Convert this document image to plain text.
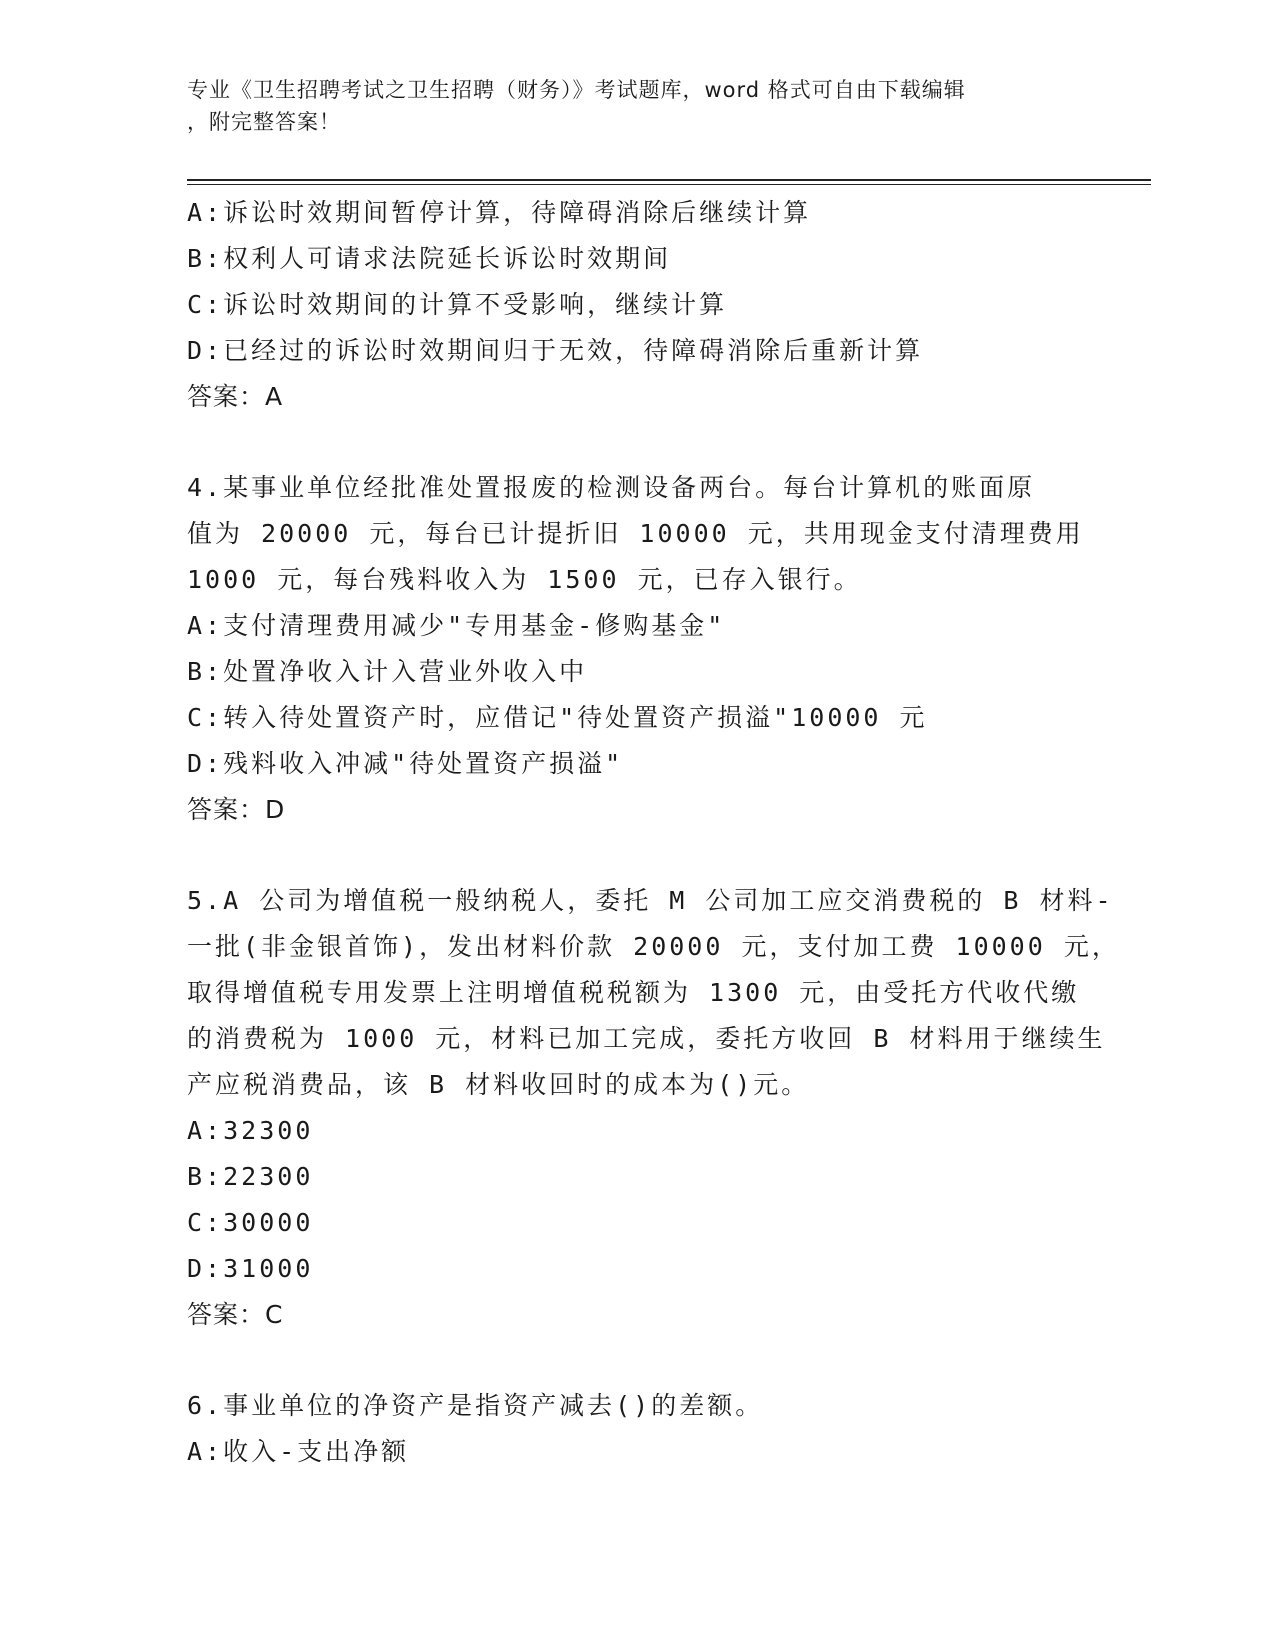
专业《卫生招聘考试之卫生招聘（财务）》考试题库，word 格式可自由下载编辑
，附完整答案！
A:诉讼时效期间暂停计算，待障碍消除后继续计算
B:权利人可请求法院延长诉讼时效期间
C:诉讼时效期间的计算不受影响，继续计算
D:已经过的诉讼时效期间归于无效，待障碍消除后重新计算
答案：A
4.某事业单位经批准处置报废的检测设备两台。每台计算机的账面原
值为 20000 元，每台已计提折旧 10000 元，共用现金支付清理费用
1000 元，每台残料收入为 1500 元，已存入银行。
A:支付清理费用减少"专用基金-修购基金"
B:处置净收入计入营业外收入中
C:转入待处置资产时，应借记"待处置资产损溢"10000 元
D:残料收入冲减"待处置资产损溢"
答案：D
5.A 公司为增值税一般纳税人，委托 M 公司加工应交消费税的 B 材料-
一批(非金银首饰)，发出材料价款 20000 元，支付加工费 10000 元，
取得增值税专用发票上注明增值税税额为 1300 元，由受托方代收代缴
的消费税为 1000 元，材料已加工完成，委托方收回 B 材料用于继续生
产应税消费品，该 B 材料收回时的成本为()元。
A:32300
B:22300
C:30000
D:31000
答案：C
6.事业单位的净资产是指资产减去()的差额。
A:收入-支出净额
